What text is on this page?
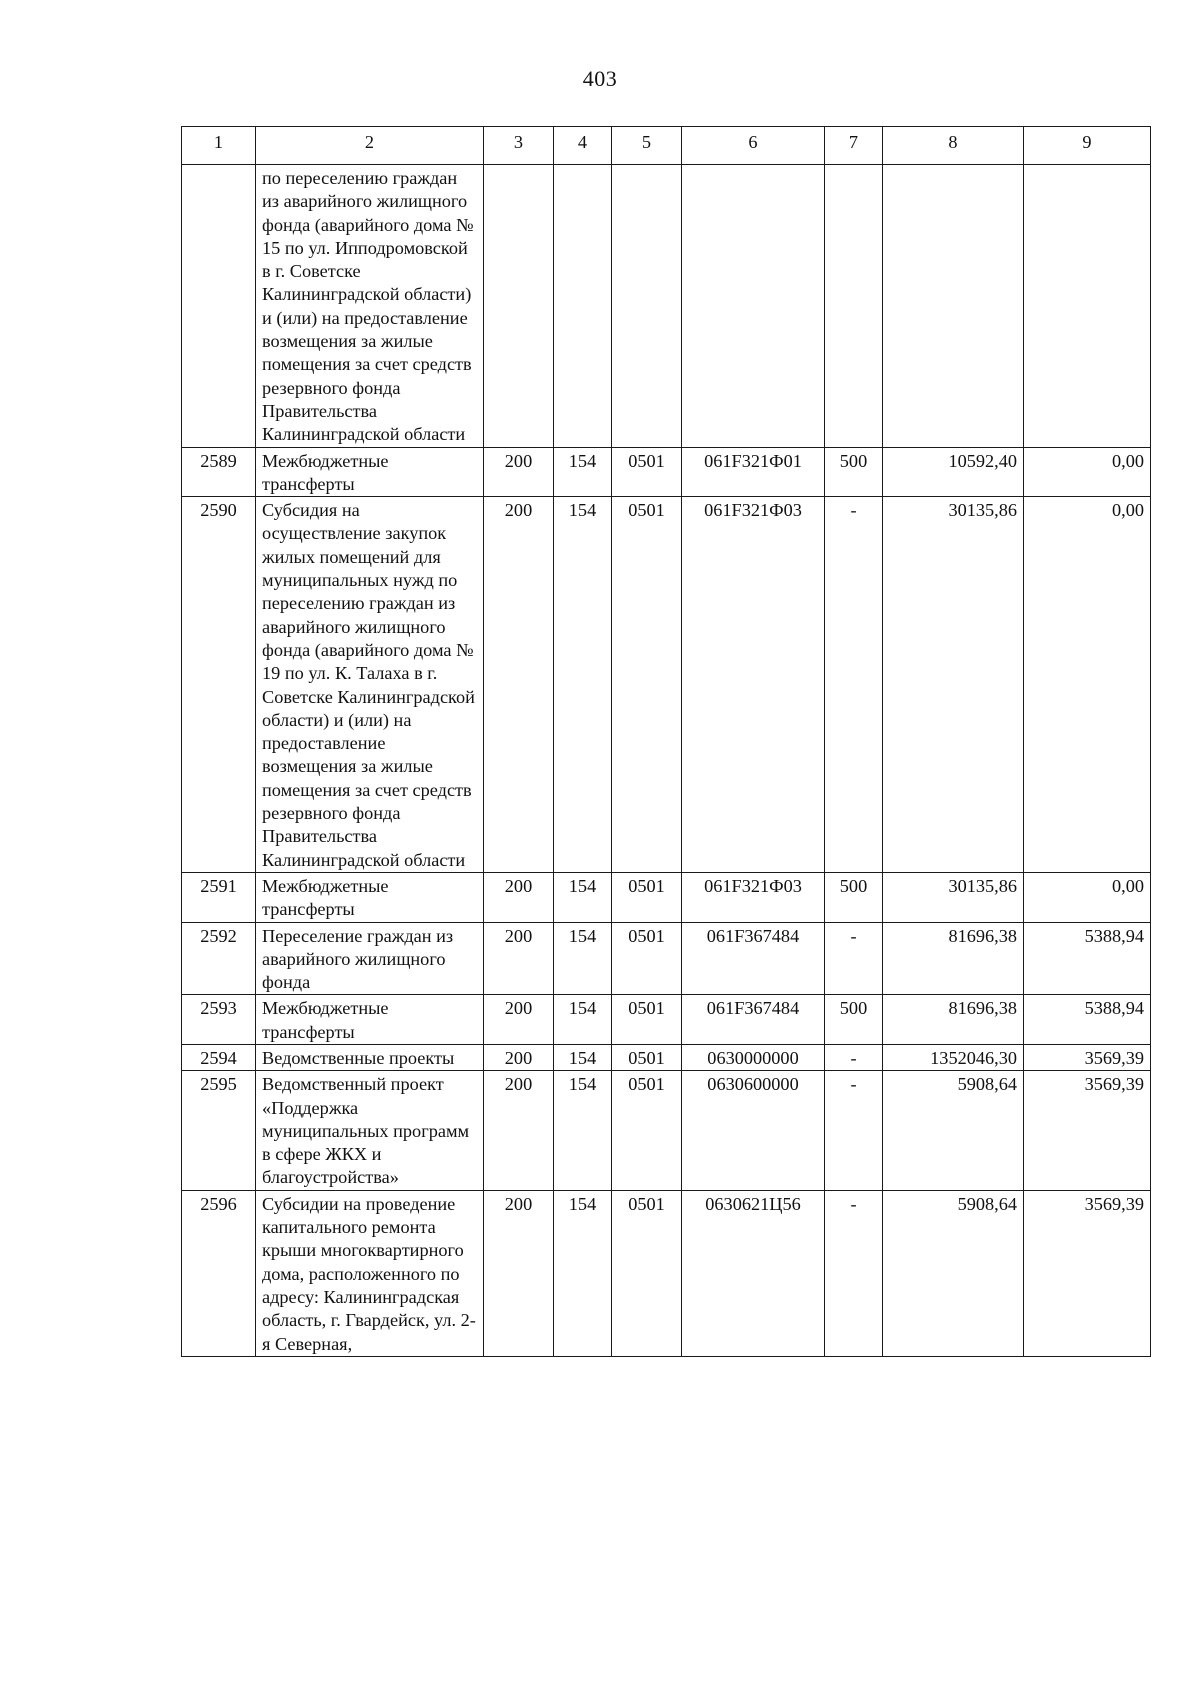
403
1	2	3	4	5	6	7	8	9
	по переселению граждан из аварийного жилищного фонда (аварийного дома № 15 по ул. Ипподромовской в г. Советске Калининградской области) и (или) на предоставление возмещения за жилые помещения за счет средств резервного фонда Правительства Калининградской области							
2589	Межбюджетные трансферты	200	154	0501	061F321Ф01	500	10592,40	0,00
2590	Субсидия на осуществление закупок жилых помещений для муниципальных нужд по переселению граждан из аварийного жилищного фонда (аварийного дома № 19 по ул. К. Талаха в г. Советске Калининградской области) и (или) на предоставление возмещения за жилые помещения за счет средств резервного фонда Правительства Калининградской области	200	154	0501	061F321Ф03	-	30135,86	0,00
2591	Межбюджетные трансферты	200	154	0501	061F321Ф03	500	30135,86	0,00
2592	Переселение граждан из аварийного жилищного фонда	200	154	0501	061F367484	-	81696,38	5388,94
2593	Межбюджетные трансферты	200	154	0501	061F367484	500	81696,38	5388,94
2594	Ведомственные проекты	200	154	0501	0630000000	-	1352046,30	3569,39
2595	Ведомственный проект «Поддержка муниципальных программ в сфере ЖКХ и благоустройства»	200	154	0501	0630600000	-	5908,64	3569,39
2596	Субсидии на проведение капитального ремонта крыши многоквартирного дома, расположенного по адресу: Калининградская область, г. Гвардейск, ул. 2-я Северная,	200	154	0501	0630621Ц56	-	5908,64	3569,39
